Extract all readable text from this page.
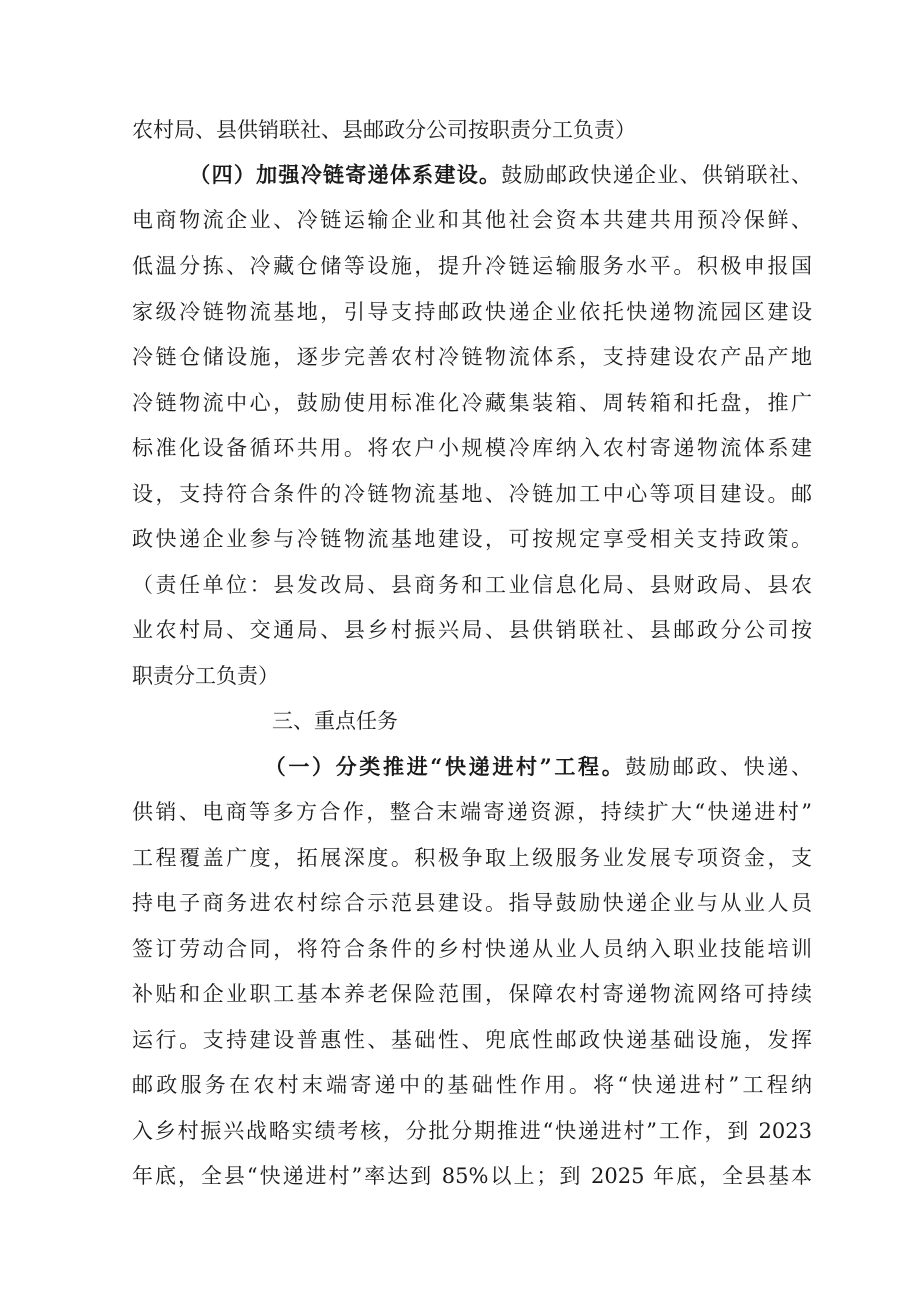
农村局、县供销联社、县邮政分公司按职责分工负责）
（四）加强冷链寄递体系建设。鼓励邮政快递企业、供销联社、
电商物流企业、冷链运输企业和其他社会资本共建共用预冷保鲜、
低温分拣、冷藏仓储等设施，提升冷链运输服务水平。积极申报国
家级冷链物流基地，引导支持邮政快递企业依托快递物流园区建设
冷链仓储设施，逐步完善农村冷链物流体系，支持建设农产品产地
冷链物流中心，鼓励使用标准化冷藏集装箱、周转箱和托盘，推广
标准化设备循环共用。将农户小规模冷库纳入农村寄递物流体系建
设，支持符合条件的冷链物流基地、冷链加工中心等项目建设。邮
政快递企业参与冷链物流基地建设，可按规定享受相关支持政策。
（责任单位：县发改局、县商务和工业信息化局、县财政局、县农
业农村局、交通局、县乡村振兴局、县供销联社、县邮政分公司按
职责分工负责）
三、重点任务
（一）分类推进“快递进村”工程。鼓励邮政、快递、
供销、电商等多方合作，整合末端寄递资源，持续扩大“快递进村”
工程覆盖广度，拓展深度。积极争取上级服务业发展专项资金，支
持电子商务进农村综合示范县建设。指导鼓励快递企业与从业人员
签订劳动合同，将符合条件的乡村快递从业人员纳入职业技能培训
补贴和企业职工基本养老保险范围，保障农村寄递物流网络可持续
运行。支持建设普惠性、基础性、兜底性邮政快递基础设施，发挥
邮政服务在农村末端寄递中的基础性作用。将“快递进村”工程纳
入乡村振兴战略实绩考核，分批分期推进“快递进村”工作，到 2023
年底，全县“快递进村”率达到 85%以上；到 2025 年底，全县基本
